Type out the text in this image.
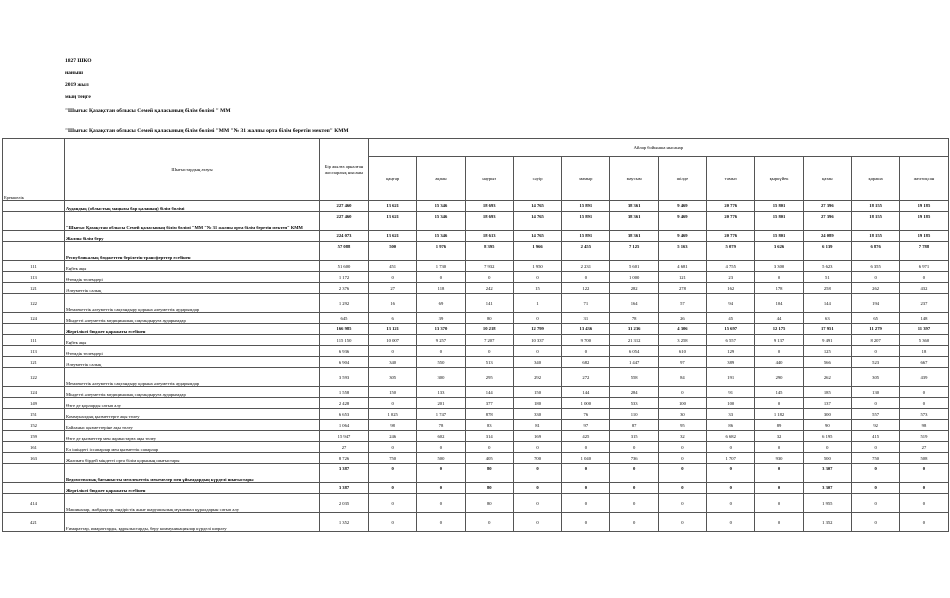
1827 ШКО
наныш
2019 жыл
мың теңге
"Шығыс Қазақстан облысы Семей қаласының білім бөлімі " ММ
"Шығыс Қазақстан облысы Семей қаласының білім бөлімі "ММ "№ 31 жалпы орта білім беретін мектеп" КММ
Ерекшелік	Шығыстардың атауы	Бір жылға арналған жоспарлық нысаны	Айлар бойынша нысанар											
			қаңтар	ақпан	наурыз	сәуір	мамыр	маусым	шілде	тамыз	қыркүйек	қазан	қараша	желтоқсан
	Аудандық (облыстық маңызы бар қаланың) білім бөлімі	227 460	13 621	15 346	18 693	14 765	15 891	38 361	9 469	20 776	15 801	27 396	18 155	19 185
	"Шығыс Қазақстан облысы Семей қаласының білім бөлімі "ММ "№ 31 жалпы орта білім беретін мектеп" КММ	227 460	13 621	15 346	18 693	14 765	15 891	38 361	9 469	20 776	15 801	27 396	18 155	19 185
	Жалпы білім беру	224 073	13 621	15 346	18 613	14 765	15 891	38 361	9 469	20 776	15 801	24 089	18 155	19 185
	Республикалық бюджеттен берілетін трансферттер есебінен	57 088	500	1 976	8 395	1 966	2 455	7 125	5 163	5 079	3 626	6 139	6 876	7 788
111	Еңбек ақы	51 600	451	1 730	7 932	1 950	2 231	5 601	4 681	4 755	3 300	5 623	6 355	6 971
113	Өтемдік төлемдері	1 172	0	0	0	0	0	1 000	121	23	0	51	0	0
121	Әлеуметтік салық	2 376	27	118	242	15	122	282	278	162	178	258	262	432
122	Мемлекеттік әлеуметтік сақтандыру қорына әлеуметтік аударымдар	1 292	16	69	141	1	71	164	57	94	104	144	194	237
124	Міндетті әлеуметтік медициналық сақтандыруға аударымдар	645	6	39	80	0	31	78	26	45	44	63	65	148
	Жергілікті бюджет қаражаты есебінен	166 985	13 121	13 370	10 218	12 799	13 436	31 236	4 306	15 697	12 175	17 951	11 279	11 397
111	Еңбек ақы	115 150	10 007	9 257	7 207	10 337	9 700	21 312	3 258	6 557	9 137	9 491	8 207	5 360
113	Өтемдік төлемдері	6 936	0	0	0	0	0	6 054	610	129	0	125	0	18
121	Әлеуметтік салық	6 904	340	550	513	340	682	1 447	97	389	440	566	523	667
122	Мемлекеттік әлеуметтік сақтандыру қорына әлеуметтік аударымдар	3 593	305	300	295	292	272	558	84	191	290	262	305	439
124	Міндетті әлеуметтік медициналық сақтандыруға аударымдар	1 558	150	133	144	150	144	284	0	91	145	185	130	0
149	Өзге де қорларды сатып алу	2 428	0	201	377	180	1 000	533	100	100	0	137	0	0
151	Коммуналдық қызметтерге ақы төлеу	6 653	1 025	1 747	878	330	76	110	30	33	1 182	300	557	573
152	Байланыс қызметтеріне ақы төлеу	1 064	98	78	83	81	97	87	95	86	89	90	92	98
159	Өзге де қызметтер мен жұмыстарға ақы төлеу	15 947	246	602	314	169	425	315	32	6 682	32	6 195	415	519
161	Ел ішіндегі іссапарлар мен қызметтік сапарлар	27	0	0	0	0	0	0	0	0	0	0	0	27
163	Жалпыға бірдей міндетті орта білім қорының шығыстары	8 726	750	500	405	700	1 040	736	0	1 707	930	500	750	508
	Ведомстволық бағынысты мемлекеттік мекемелер мен ұйымдардың күрделі шығыстары	3 387	0	0	80	0	0	0	0	0	0	3 307	0	0
	Жергілікті бюджет қаражаты есебінен	3 387	0	0	80	0	0	0	0	0	0	3 307	0	0
414	Машиналар, жабдықтар, өндірістік және шаруашылық мүкаммал құралдарын сатып алу	2 035	0	0	80	0	0	0	0	0	0	1 955	0	0
421	Ғимараттар, имараттарды, құрылыстарды, беру коммуникациялар күрделі шөрлеу	1 352	0	0	0	0	0	0	0	0	0	1 352	0	0
